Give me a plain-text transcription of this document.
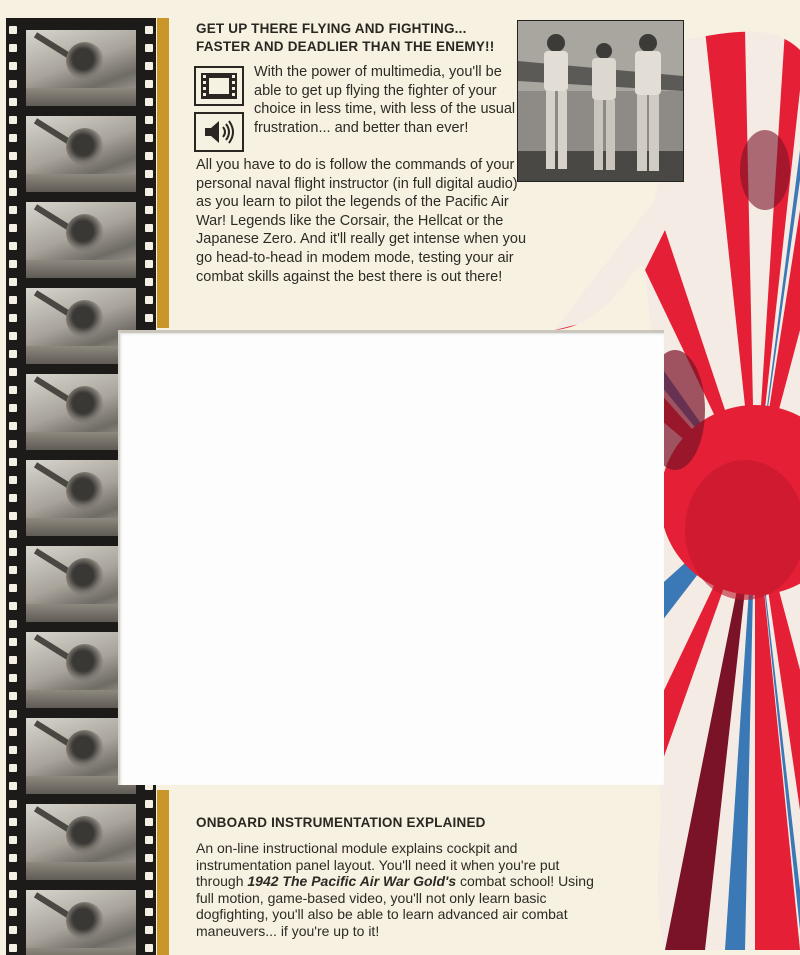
GET UP THERE FLYING AND FIGHTING...
FASTER AND DEADLIER THAN THE ENEMY!!
With the power of multimedia, you'll be able to get up flying the fighter of your choice in less time, with less of the usual frustration... and better than ever!
All you have to do is follow the commands of your personal naval flight instructor (in full digital audio) as you learn to pilot the legends of the Pacific Air War! Legends like the Corsair, the Hellcat or the Japanese Zero. And it'll really get intense when you go head-to-head in modem mode, testing your air combat skills against the best there is out there!
ONBOARD INSTRUMENTATION EXPLAINED
An on-line instructional module explains cockpit and instrumentation panel layout. You'll need it when you're put through 1942 The Pacific Air War Gold's combat school! Using full motion, game-based video, you'll not only learn basic dogfighting, you'll also be able to learn advanced air combat maneuvers... if you're up to it!
